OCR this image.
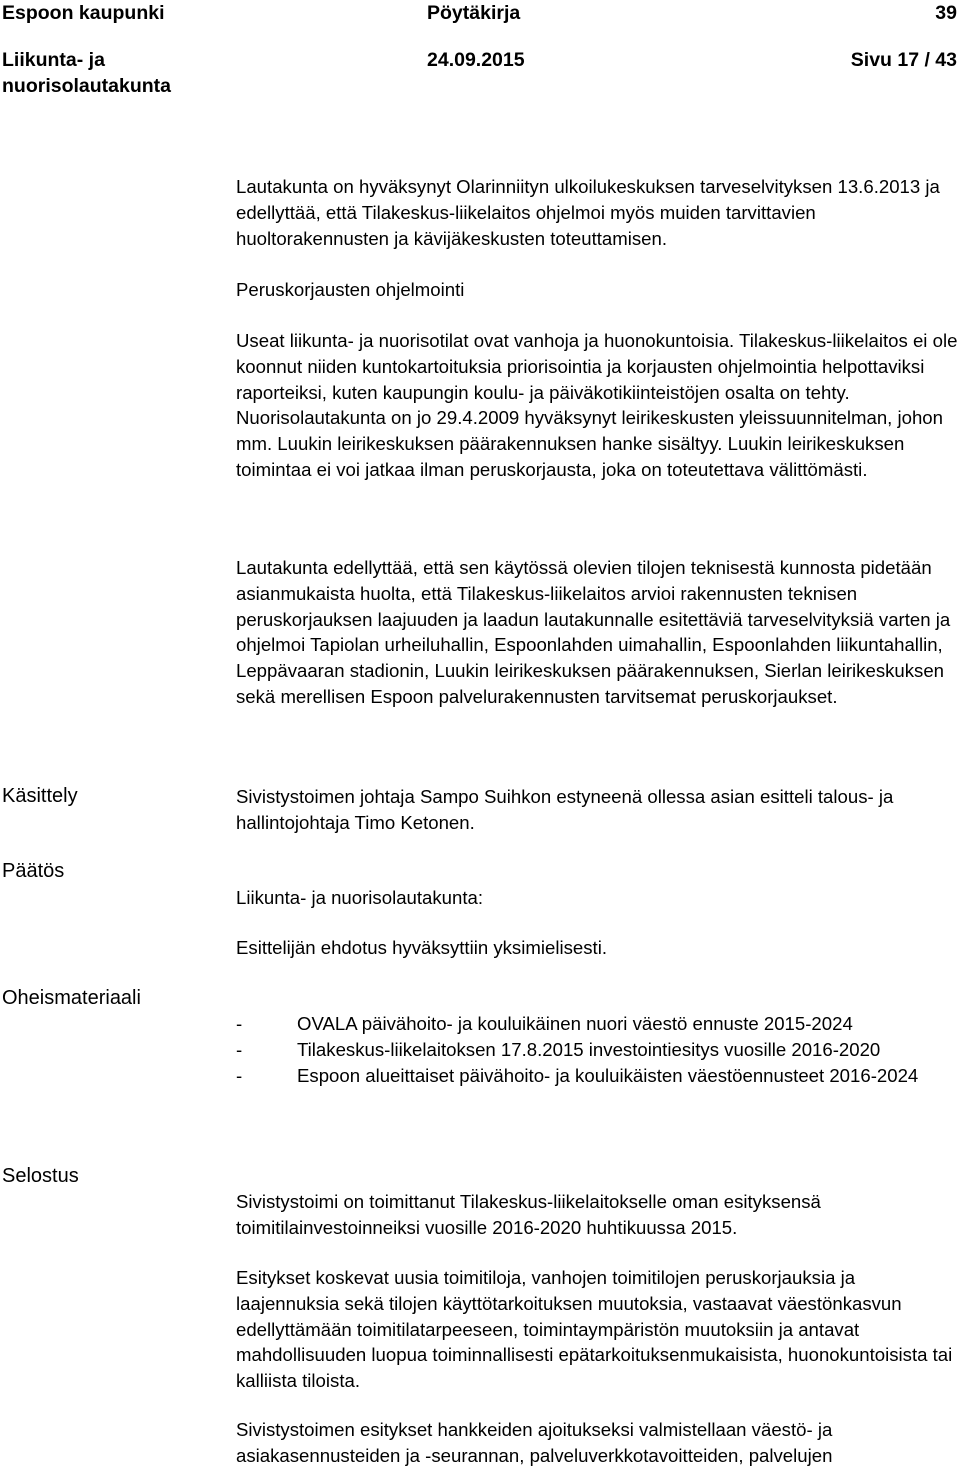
Espoon kaupunki	Pöytäkirja	39

Liikunta- ja

nuorisolautakunta

24.09.2015	Sivu 17 / 43

Lautakunta on hyväksynyt Olarinniityn ulkoilukeskuksen tarveselvityksen 13.6.2013 ja edellyttää, että Tilakeskus-liikelaitos ohjelmoi myös muiden tarvittavien huoltorakennusten ja kävijäkeskusten toteuttamisen.

Peruskorjausten ohjelmointi

Useat liikunta- ja nuorisotilat ovat vanhoja ja huonokuntoisia. Tilakeskus-liikelaitos ei ole koonnut niiden kuntokartoituksia priorisointia ja korjausten ohjelmointia helpottaviksi raporteiksi, kuten kaupungin koulu- ja päiväkotikiinteistöjen osalta on tehty. Nuorisolautakunta on jo 29.4.2009 hyväksynyt leirikeskusten yleissuunnitelman, johon mm. Luukin leirikeskuksen päärakennuksen hanke sisältyy. Luukin leirikeskuksen toimintaa ei voi jatkaa ilman peruskorjausta, joka on toteutettava välittömästi.

Lautakunta edellyttää, että sen käytössä olevien tilojen teknisestä kunnosta pidetään asianmukaista huolta, että Tilakeskus-liikelaitos arvioi rakennusten teknisen peruskorjauksen laajuuden ja laadun lautakunnalle esitettäviä tarveselvityksiä varten ja ohjelmoi Tapiolan urheiluhallin, Espoonlahden uimahallin, Espoonlahden liikuntahallin, Leppävaaran stadionin, Luukin leirikeskuksen päärakennuksen, Sierlan leirikeskuksen sekä merellisen Espoon palvelurakennusten tarvitsemat peruskorjaukset.

Käsittely	Sivistystoimen johtaja Sampo Suihkon estyneenä ollessa asian esitteli talous- ja hallintojohtaja Timo Ketonen.

Päätös

Liikunta- ja nuorisolautakunta:

Esittelijän ehdotus hyväksyttiin yksimielisesti.

Oheismateriaali

-	OVALA päivähoito- ja kouluikäinen nuori väestö ennuste 2015-2024
-	Tilakeskus-liikelaitoksen 17.8.2015 investointiesitys vuosille 2016-2020
-	Espoon alueittaiset päivähoito- ja kouluikäisten väestöennusteet 2016-2024

Selostus

Sivistystoimi on toimittanut Tilakeskus-liikelaitokselle oman esityksensä toimitilainvestoinneiksi vuosille 2016-2020 huhtikuussa 2015.

Esitykset koskevat uusia toimitiloja, vanhojen toimitilojen peruskorjauksia ja laajennuksia sekä tilojen käyttötarkoituksen muutoksia, vastaavat väestönkasvun edellyttämään toimitilatarpeeseen, toimintaympäristön muutoksiin ja antavat mahdollisuuden luopua toiminnallisesti epätarkoituksenmukaisista, huonokuntoisista tai kalliista tiloista.

Sivistystoimen esitykset hankkeiden ajoitukseksi valmistellaan väestö- ja asiakasennusteiden ja -seurannan, palveluverkkotavoitteiden, palvelujen
